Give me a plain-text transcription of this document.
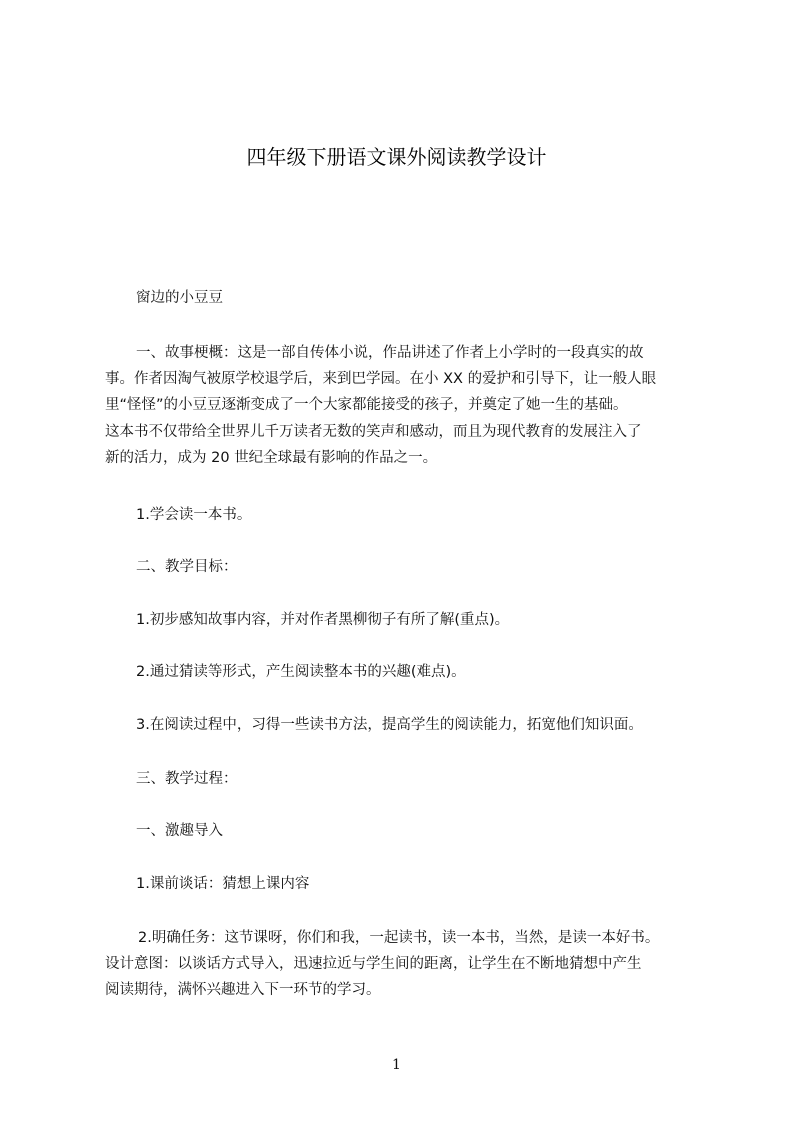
四年级下册语文课外阅读教学设计
窗边的小豆豆
一、故事梗概：这是一部自传体小说，作品讲述了作者上小学时的一段真实的故
事。作者因淘气被原学校退学后，来到巴学园。在小 XX 的爱护和引导下，让一般人眼
里“怪怪”的小豆豆逐渐变成了一个大家都能接受的孩子，并奠定了她一生的基础。
这本书不仅带给全世界儿千万读者无数的笑声和感动，而且为现代教育的发展注入了
新的活力，成为 20 世纪全球最有影响的作品之一。
1.学会读一本书。
二、教学目标：
1.初步感知故事内容，并对作者黑柳彻子有所了解(重点)。
2.通过猜读等形式，产生阅读整本书的兴趣(难点)。
3.在阅读过程中，习得一些读书方法，提高学生的阅读能力，拓宽他们知识面。
三、教学过程：
一、激趣导入
1.课前谈话：猜想上课内容
2.明确任务：这节课呀，你们和我，一起读书，读一本书，当然，是读一本好书。
设计意图：以谈话方式导入，迅速拉近与学生间的距离，让学生在不断地猜想中产生
阅读期待，满怀兴趣进入下一环节的学习。
1
